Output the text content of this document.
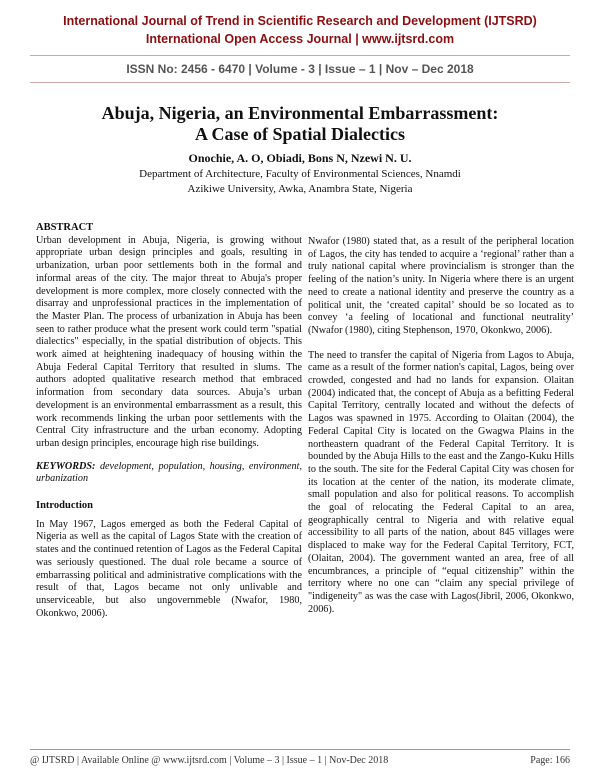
International Journal of Trend in Scientific Research and Development (IJTSRD)
International Open Access Journal | www.ijtsrd.com
ISSN No: 2456 - 6470 | Volume - 3 | Issue – 1 | Nov – Dec 2018
Abuja, Nigeria, an Environmental Embarrassment:
A Case of Spatial Dialectics
Onochie, A. O, Obiadi, Bons N, Nzewi N. U.
Department of Architecture, Faculty of Environmental Sciences, Nnamdi
Azikiwe University, Awka, Anambra State, Nigeria

ABSTRACT

Urban development in Abuja, Nigeria, is growing without appropriate urban design principles and goals, resulting in urbanization, urban poor settlements both in the formal and informal areas of the city. The major threat to Abuja's proper development is more complex, more closely connected with the disarray and unprofessional practices in the implementation of the Master Plan. The process of urbanization in Abuja has been seen to rather produce what the present work could term "spatial dialectics" especially, in the spatial distribution of objects. This work aimed at heightening inadequacy of housing within the Abuja Federal Capital Territory that resulted in slums. The authors adopted qualitative research method that embraced information from secondary data sources. Abuja’s urban development is an environmental embarrassment as a result, this work recommends linking the urban poor settlements with the Central City infrastructure and the urban economy. Adopting urban design principles, encourage high rise buildings.

KEYWORDS: development, population, housing, environment, urbanization

Introduction

In May 1967, Lagos emerged as both the Federal Capital of Nigeria as well as the capital of Lagos State with the creation of states and the continued retention of Lagos as the Federal Capital was seriously questioned. The dual role became a source of embarrassing political and administrative complications with the result of that, Lagos became not only unlivable and unserviceable, but also ungovernmeble (Nwafor, 1980, Okonkwo, 2006).

Nwafor (1980) stated that, as a result of the peripheral location of Lagos, the city has tended to acquire a ‘regional’ rather than a truly national capital where provincialism is stronger than the feeling of the nation’s unity. In Nigeria where there is an urgent need to create a national identity and preserve the country as a political unit, the ‘created capital’ should be so located as to convey ‘a feeling of locational and functional neutrality’ (Nwafor (1980), citing Stephenson, 1970, Okonkwo, 2006).

The need to transfer the capital of Nigeria from Lagos to Abuja, came as a result of the former nation's capital, Lagos, being over crowded, congested and had no lands for expansion. Olaitan (2004) indicated that, the concept of Abuja as a befitting Federal Capital Territory, centrally located and without the defects of Lagos was spawned in 1975. According to Olaitan (2004), the Federal Capital City is located on the Gwagwa Plains in the northeastern quadrant of the Federal Capital Territory. It is bounded by the Abuja Hills to the east and the Zango-Kuku Hills to the south. The site for the Federal Capital City was chosen for its location at the center of the nation, its moderate climate, small population and also for political reasons. To accomplish the goal of relocating the Federal Capital to an area, geographically central to Nigeria and with relative equal accessibility to all parts of the nation, about 845 villages were displaced to make way for the Federal Capital Territory, FCT, (Olaitan, 2004). The government wanted an area, free of all encumbrances, a principle of “equal citizenship” within the territory where no one can “claim any special privilege of "indigeneity" as was the case with Lagos(Jibril, 2006, Okonkwo, 2006).

@ IJTSRD | Available Online @ www.ijtsrd.com | Volume – 3 | Issue – 1 | Nov-Dec 2018	Page: 166
